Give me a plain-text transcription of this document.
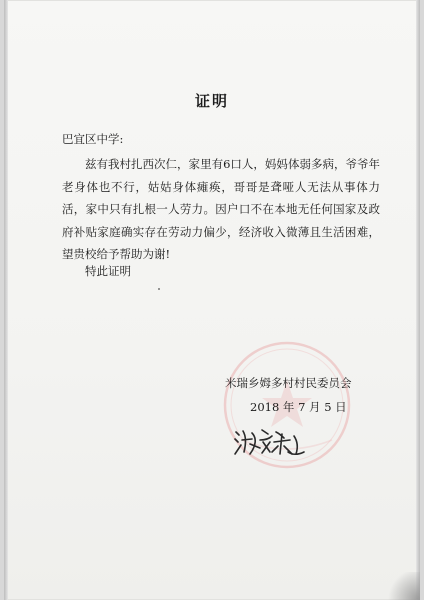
证明
巴宜区中学:

兹有我村扎西次仁，家里有6口人，妈妈体弱多病，爷爷年老身体也不行，姑姑身体瘫痪，哥哥是聋哑人无法从事体力活，家中只有扎根一人劳力。因户口不在本地无任何国家及政府补贴家庭确实存在劳动力偏少，经济收入微薄且生活困难，望贵校给予帮助为谢!

特此证明
米瑞乡姆多村村民委员会
2018 年 7 月 5 日
